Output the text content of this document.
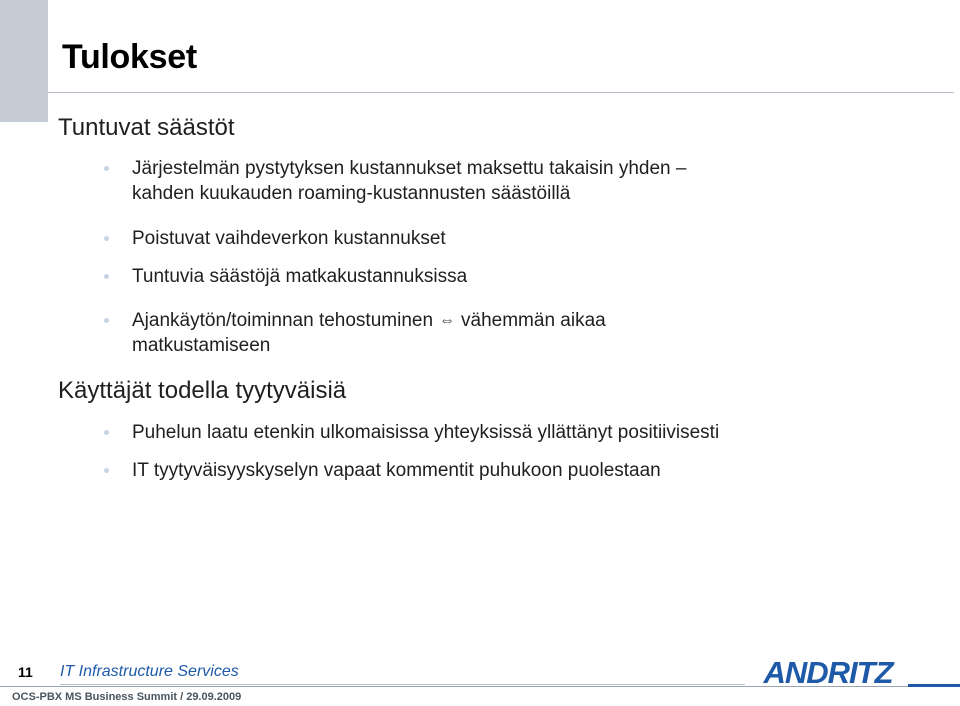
Tulokset
Tuntuvat säästöt
Järjestelmän pystytyksen kustannukset maksettu takaisin yhden –
kahden kuukauden roaming-kustannusten säästöillä
Poistuvat vaihdeverkon kustannukset
Tuntuvia säästöjä matkakustannuksissa
Ajankäytön/toiminnan tehostuminen ⇔ vähemmän aikaa
matkustamiseen
Käyttäjät todella tyytyväisiä
Puhelun laatu etenkin ulkomaisissa yhteyksissä yllättänyt positiivisesti
IT tyytyväisyyskyselyn vapaat kommentit puhukoon puolestaan
11 IT Infrastructure Services
OCS-PBX MS Business Summit / 29.09.2009
ANDRITZ
